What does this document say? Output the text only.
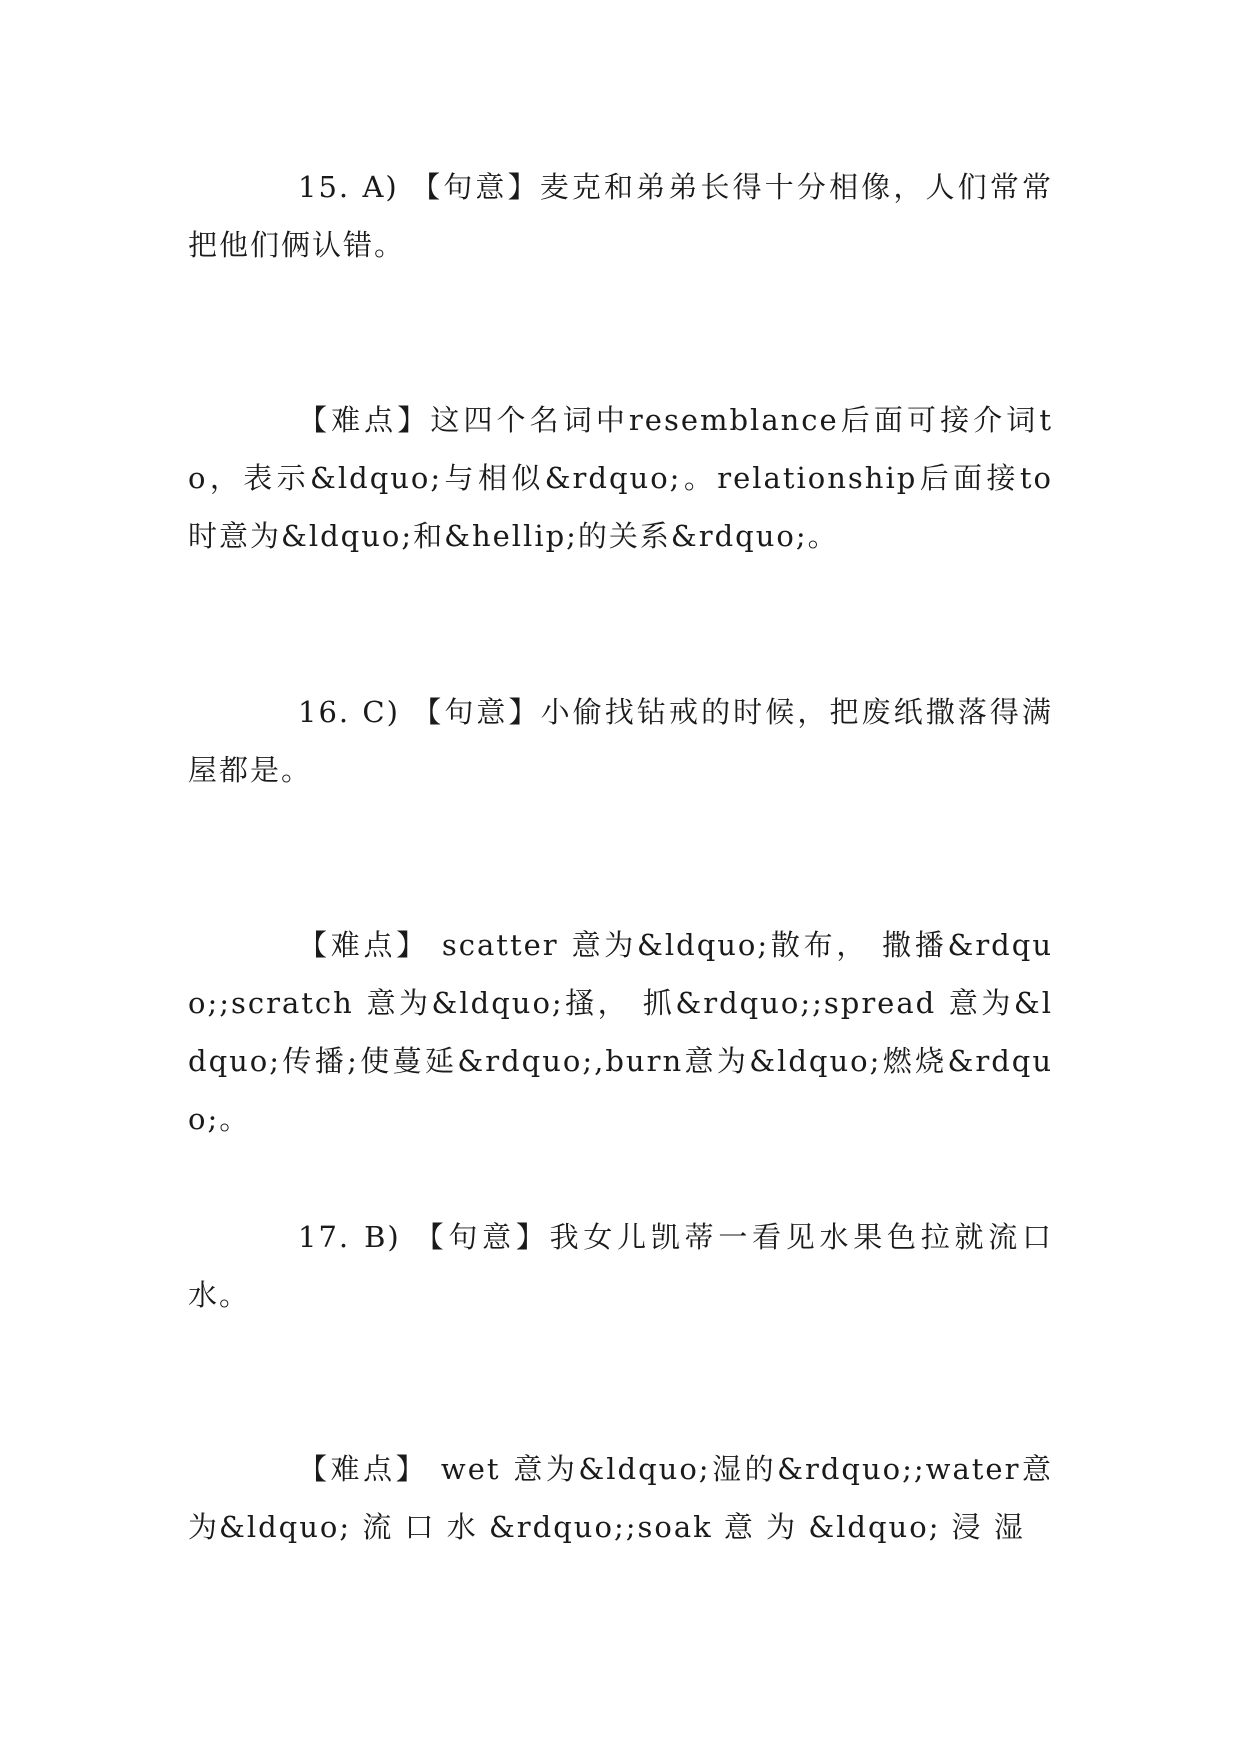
15. A) 【句意】麦克和弟弟长得十分相像，人们常常把他们俩认错。
【难点】这四个名词中resemblance后面可接介词to，表示&ldquo;与相似&rdquo;。relationship后面接to 时意为&ldquo;和&hellip;的关系&rdquo;。
16. C) 【句意】小偷找钻戒的时候，把废纸撒落得满屋都是。
【难点】 scatter 意为&ldquo;散布， 撒播&rdquo;;scratch 意为&ldquo;搔， 抓&rdquo;;spread 意为&ldquo;传播;使蔓延&rdquo;,burn意为&ldquo;燃烧&rdquo;。
17. B) 【句意】我女儿凯蒂一看见水果色拉就流口水。
【难点】 wet 意为&ldquo;湿的&rdquo;;water意为&ldquo; 流 口 水 &rdquo;;soak 意 为 &ldquo; 浸 湿
